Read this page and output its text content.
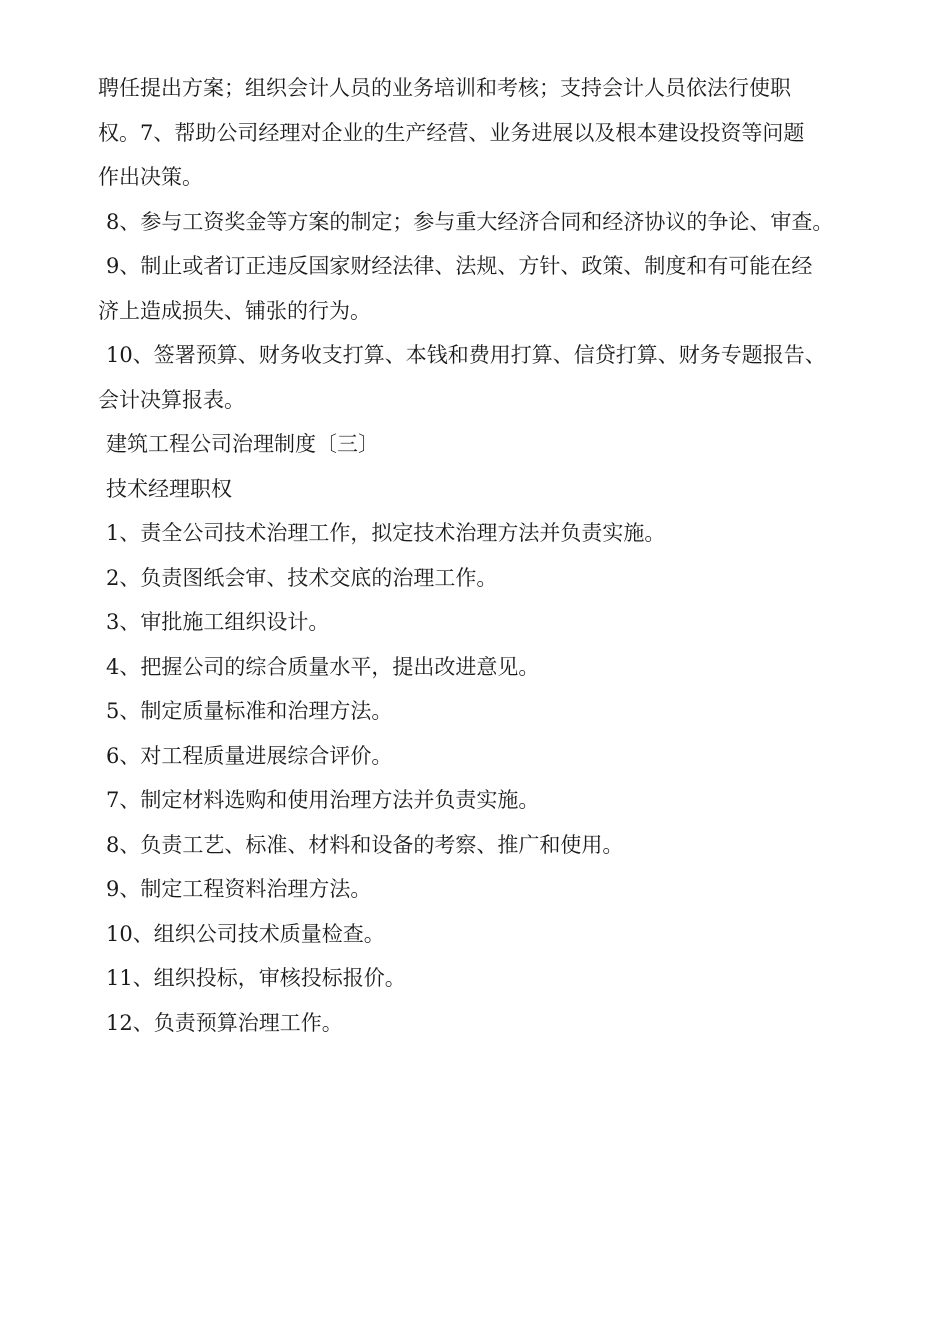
聘任提出方案；组织会计人员的业务培训和考核；支持会计人员依法行使职

权。7、帮助公司经理对企业的生产经营、业务进展以及根本建设投资等问题

作出决策。

8、参与工资奖金等方案的制定；参与重大经济合同和经济协议的争论、审查。

9、制止或者订正违反国家财经法律、法规、方针、政策、制度和有可能在经

济上造成损失、铺张的行为。

10、签署预算、财务收支打算、本钱和费用打算、信贷打算、财务专题报告、

会计决算报表。

建筑工程公司治理制度〔三〕

技术经理职权

1、责全公司技术治理工作，拟定技术治理方法并负责实施。

2、负责图纸会审、技术交底的治理工作。

3、审批施工组织设计。

4、把握公司的综合质量水平，提出改进意见。

5、制定质量标准和治理方法。

6、对工程质量进展综合评价。

7、制定材料选购和使用治理方法并负责实施。

8、负责工艺、标准、材料和设备的考察、推广和使用。

9、制定工程资料治理方法。

10、组织公司技术质量检查。

11、组织投标，审核投标报价。

12、负责预算治理工作。
